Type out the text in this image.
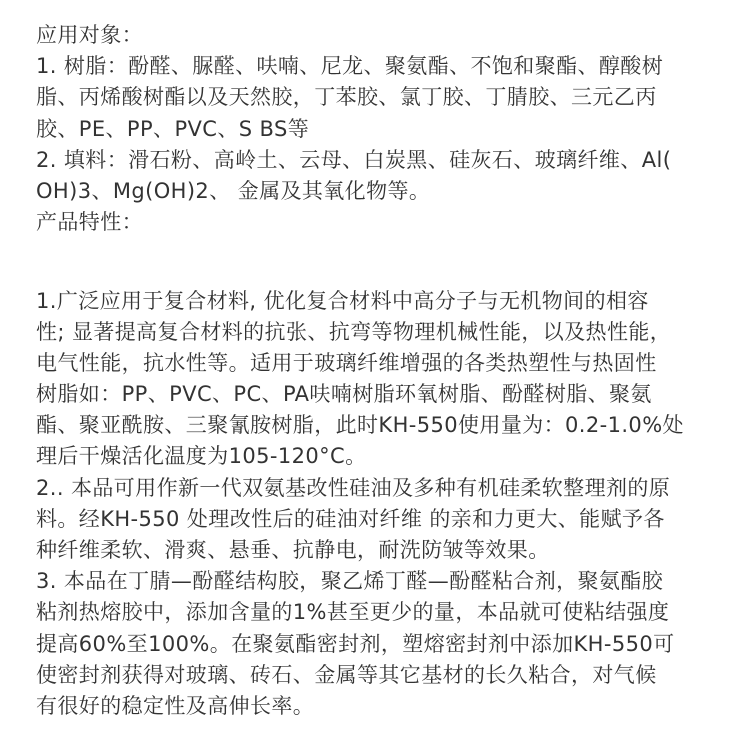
应用对象：
1. 树脂：酚醛、脲醛、呋喃、尼龙、聚氨酯、不饱和聚酯、醇酸树
脂、丙烯酸树酯以及天然胶，丁苯胶、氯丁胶、丁腈胶、三元乙丙
胶、PE、PP、PVC、S BS等
2. 填料：滑石粉、高岭土、云母、白炭黑、硅灰石、玻璃纤维、Al(
OH)3、Mg(OH)2、 金属及其氧化物等。
产品特性：
1.广泛应用于复合材料, 优化复合材料中高分子与无机物间的相容
性; 显著提高复合材料的抗张、抗弯等物理机械性能，以及热性能，
电气性能，抗水性等。适用于玻璃纤维增强的各类热塑性与热固性
树脂如：PP、PVC、PC、PA呋喃树脂环氧树脂、酚醛树脂、聚氨
酯、聚亚酰胺、三聚氰胺树脂，此时KH-550使用量为：0.2-1.0%处
理后干燥活化温度为105-120°C。
2.. 本品可用作新一代双氨基改性硅油及多种有机硅柔软整理剂的原
料。经KH-550 处理改性后的硅油对纤维 的亲和力更大、能赋予各
种纤维柔软、滑爽、悬垂、抗静电，耐洗防皱等效果。
3. 本品在丁腈—酚醛结构胶，聚乙烯丁醛—酚醛粘合剂，聚氨酯胶
粘剂热熔胶中，添加含量的1%甚至更少的量，本品就可使粘结强度
提高60%至100%。在聚氨酯密封剂，塑熔密封剂中添加KH-550可
使密封剂获得对玻璃、砖石、金属等其它基材的长久粘合，对气候
有很好的稳定性及高伸长率。
